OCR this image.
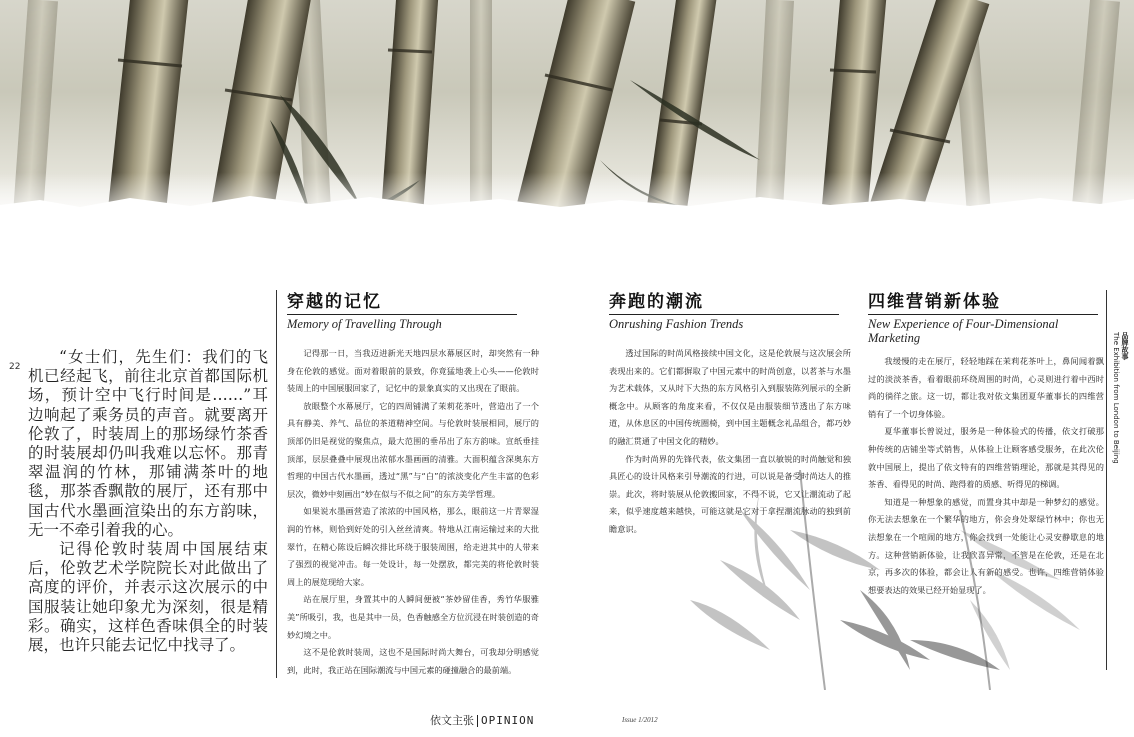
22

“女士们，先生们：我们的飞机已经起飞，前往北京首都国际机场，预计空中飞行时间是……”耳边响起了乘务员的声音。就要离开伦敦了，时装周上的那场绿竹茶香的时装展却仍叫我难以忘怀。那青翠温润的竹林，那铺满茶叶的地毯，那茶香飘散的展厅，还有那中国古代水墨画渲染出的东方韵味，无一不牵引着我的心。

记得伦敦时装周中国展结束后，伦敦艺术学院院长对此做出了高度的评价，并表示这次展示的中国服装让她印象尤为深刻，很是精彩。确实，这样色香味俱全的时装展，也许只能去记忆中找寻了。

穿越的记忆

Memory of Travelling Through

记得那一日，当我迈进新光天地四层水幕展区时，却突然有一种身在伦敦的感觉。面对着眼前的景致，你竟猛地袭上心头——伦敦时装周上的中国展服回家了，记忆中的景象真实的又出现在了眼前。

放眼整个水幕展厅，它的四周铺满了茉莉花茶叶，营造出了一个具有静美、养气、品位的茶道精神空间。与伦敦时装展相同，展厅的顶部仍旧是视觉的聚焦点，最大范围的垂吊出了东方韵味。宣纸垂挂顶部，层层叠叠中展现出浓郁水墨画画的清雅。大面积蕴含深奥东方哲理的中国古代水墨画，透过“黑”与“白”的浓淡变化产生丰富的色彩层次，微妙中刻画出“妙在似与不似之间”的东方美学哲理。

如果说水墨画营造了浓浓的中国风格，那么，眼前这一片青翠湿润的竹林，则恰到好处的引入丝丝清爽。特地从江南运输过来的大批翠竹，在精心陈设后瞬次排比环绕于服装周围，给走进其中的人带来了强烈的视觉冲击。每一处设计，每一处摆放，都完美的将伦敦时装周上的展览现给大家。

站在展厅里，身置其中的人瞬间便被“茶妙留佳香，秀竹华服雅美”所吸引，我，也是其中一员，色香触感全方位沉浸在时装创造的奇妙幻境之中。

这不是伦敦时装周，这也不是国际时尚大舞台，可我却分明感觉到，此时，我正站在国际潮流与中国元素的碰撞融合的最前端。

奔跑的潮流

Onrushing Fashion Trends

透过国际的时尚风格接续中国文化，这是伦敦展与这次展会所表现出来的。它们都摒取了中国元素中的时尚创意，以茗茶与水墨为艺术载体，又从时下大热的东方风格引入到服装陈列展示的全新概念中。从顾客的角度来看，不仅仅是由服装细节透出了东方味道，从休息区的中国传统圈椅，到中国主题概念礼品组合，都巧妙的融汇贯通了中国文化的精妙。

作为时尚界的先锋代表，依文集团一直以敏锐的时尚触觉和独具匠心的设计风格来引导潮流的行进，可以说是备受时尚达人的推崇。此次，将时装展从伦敦搬回家，不得不说，它又让潮流动了起来，似乎速度越来越快，可能这就是它对于拿捏潮流脉动的独到前瞻意识。

四维营销新体验

New Experience of Four-Dimensional Marketing

我缓慢的走在展厅，轻轻地踩在茉莉花茶叶上，鼻间闻着飘过的淡淡茶香，看着眼前环绕周围的时尚，心灵则进行着中西时尚的徜徉之旅。这一切，都让我对依文集团夏华董事长的四维营销有了一个切身体验。

夏华董事长曾说过，服务是一种体验式的传播，依文打破那种传统的店铺坐等式销售，从体验上让顾客感受服务，在此次伦敦中国展上，提出了依文特有的四维营销理论，那就是其得见的茶香、看得见的时尚、跑得着的质感、听得见的梯调。

知道是一种想象的感觉，而置身其中却是一种梦幻的感觉。你无法去想象在一个繁华的地方，你会身处翠绿竹林中；你也无法想象在一个喧闹的地方，你会找到一处能让心灵安静歇息的地方。这种营销新体验，让我欣喜异常，不管是在伦敦，还是在北京，再多次的体验，都会让人有新的感受。也许，四维营销体验想要表达的效果已经开始显现了。

品牌故事
The Exhibition from London to Beijing
依文主张 OPINION	Issue 1/2012
